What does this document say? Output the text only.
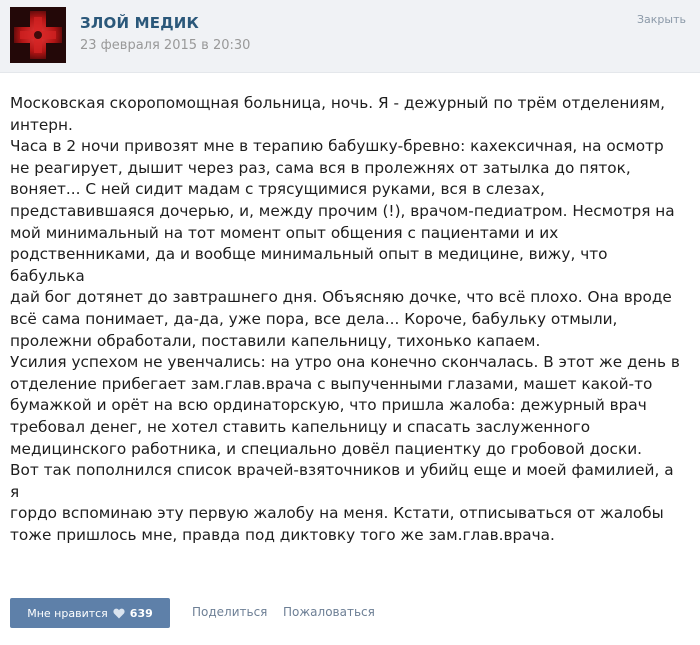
ЗЛОЙ МЕДИК
23 февраля 2015 в 20:30
Закрыть

Московская скоропомощная больница, ночь. Я - дежурный по трём отделениям,
интерн.
Часа в 2 ночи привозят мне в терапию бабушку-бревно: кахексичная, на осмотр
не реагирует, дышит через раз, сама вся в пролежнях от затылка до пяток,
воняет... С ней сидит мадам с трясущимися руками, вся в слезах,
представившаяся дочерью, и, между прочим (!), врачом-педиатром. Несмотря на
мой минимальный на тот момент опыт общения с пациентами и их
родственниками, да и вообще минимальный опыт в медицине, вижу, что бабулька
дай бог дотянет до завтрашнего дня. Объясняю дочке, что всё плохо. Она вроде
всё сама понимает, да-да, уже пора, все дела... Короче, бабульку отмыли,
пролежни обработали, поставили капельницу, тихонько капаем.
Усилия успехом не увенчались: на утро она конечно скончалась. В этот же день в
отделение прибегает зам.глав.врача с выпученными глазами, машет какой-то
бумажкой и орёт на всю ординаторскую, что пришла жалоба: дежурный врач
требовал денег, не хотел ставить капельницу и спасать заслуженного
медицинского работника, и специально довёл пациентку до гробовой доски.
Вот так пополнился список врачей-взяточников и убийц еще и моей фамилией, а я
гордо вспоминаю эту первую жалобу на меня. Кстати, отписываться от жалобы
тоже пришлось мне, правда под диктовку того же зам.глав.врача.

Мне нравится 639	Поделиться Пожаловаться
